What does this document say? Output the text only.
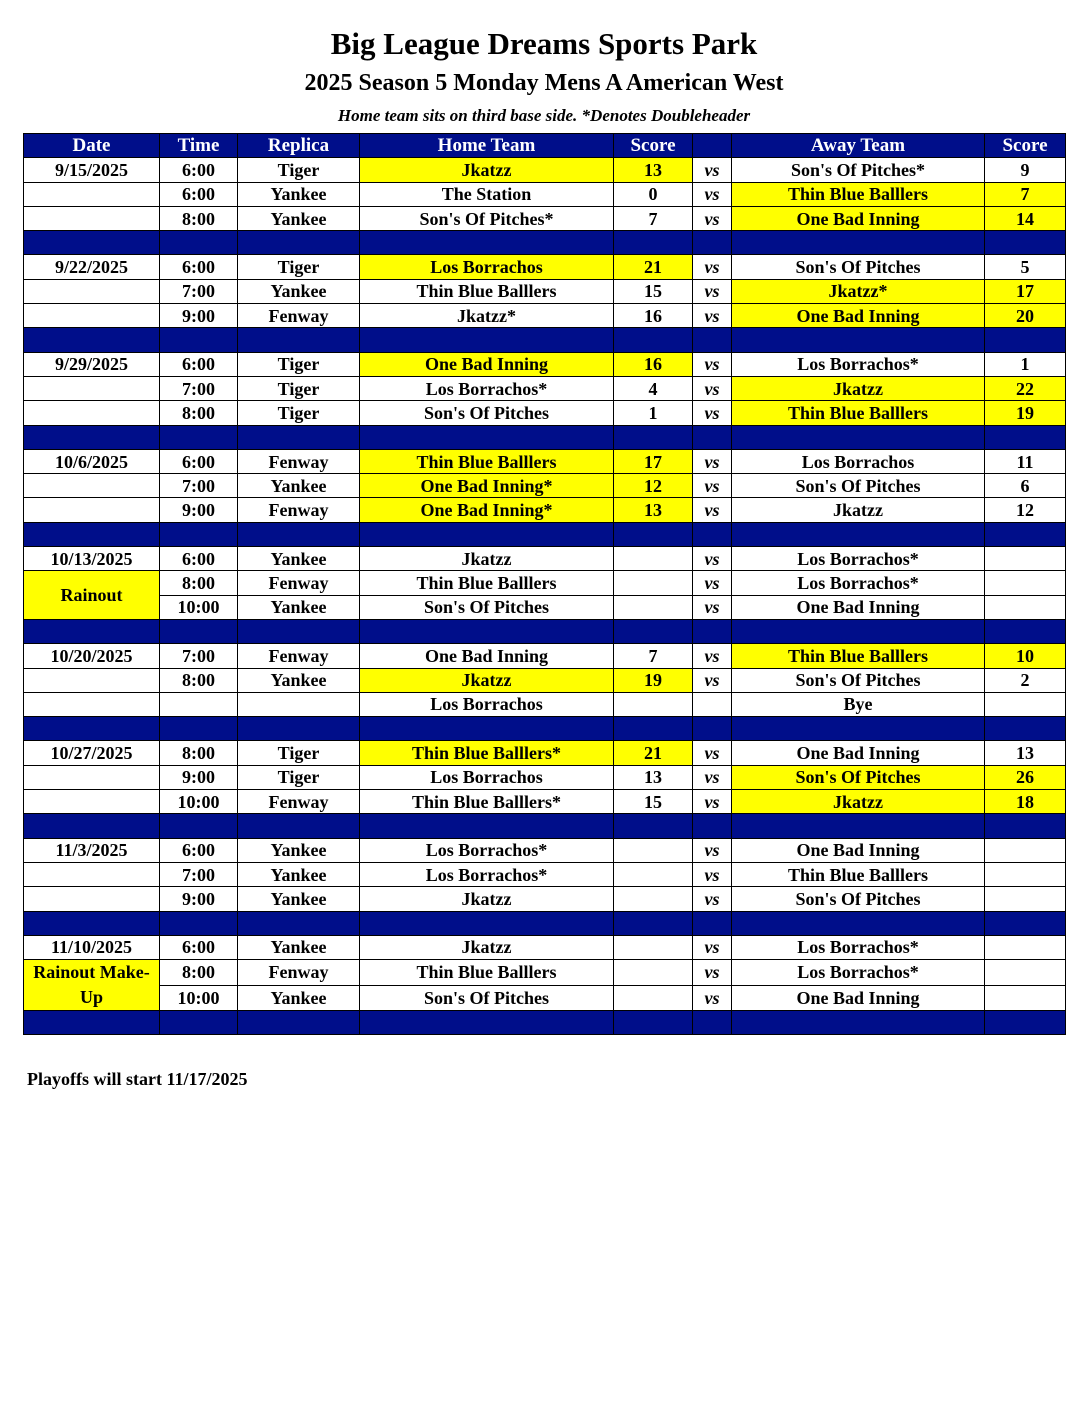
Big League Dreams Sports Park
2025 Season 5 Monday Mens A American West
Home team sits on third base side. *Denotes Doubleheader
Date	Time	Replica	Home Team	Score		Away Team	Score
9/15/2025	6:00	Tiger	Jkatzz	13	vs	Son's Of Pitches*	9
	6:00	Yankee	The Station	0	vs	Thin Blue Balllers	7
	8:00	Yankee	Son's Of Pitches*	7	vs	One Bad Inning	14

9/22/2025	6:00	Tiger	Los Borrachos	21	vs	Son's Of Pitches	5
	7:00	Yankee	Thin Blue Balllers	15	vs	Jkatzz*	17
	9:00	Fenway	Jkatzz*	16	vs	One Bad Inning	20

9/29/2025	6:00	Tiger	One Bad Inning	16	vs	Los Borrachos*	1
	7:00	Tiger	Los Borrachos*	4	vs	Jkatzz	22
	8:00	Tiger	Son's Of Pitches	1	vs	Thin Blue Balllers	19

10/6/2025	6:00	Fenway	Thin Blue Balllers	17	vs	Los Borrachos	11
	7:00	Yankee	One Bad Inning*	12	vs	Son's Of Pitches	6
	9:00	Fenway	One Bad Inning*	13	vs	Jkatzz	12

10/13/2025	6:00	Yankee	Jkatzz		vs	Los Borrachos*	
Rainout	8:00	Fenway	Thin Blue Balllers		vs	Los Borrachos*	
	10:00	Yankee	Son's Of Pitches		vs	One Bad Inning	

10/20/2025	7:00	Fenway	One Bad Inning	7	vs	Thin Blue Balllers	10
	8:00	Yankee	Jkatzz	19	vs	Son's Of Pitches	2
			Los Borrachos			Bye	

10/27/2025	8:00	Tiger	Thin Blue Balllers*	21	vs	One Bad Inning	13
	9:00	Tiger	Los Borrachos	13	vs	Son's Of Pitches	26
	10:00	Fenway	Thin Blue Balllers*	15	vs	Jkatzz	18

11/3/2025	6:00	Yankee	Los Borrachos*		vs	One Bad Inning	
	7:00	Yankee	Los Borrachos*		vs	Thin Blue Balllers	
	9:00	Yankee	Jkatzz		vs	Son's Of Pitches	

11/10/2025	6:00	Yankee	Jkatzz		vs	Los Borrachos*	
Rainout Make-Up	8:00	Fenway	Thin Blue Balllers		vs	Los Borrachos*	
	10:00	Yankee	Son's Of Pitches		vs	One Bad Inning	

Playoffs will start 11/17/2025
